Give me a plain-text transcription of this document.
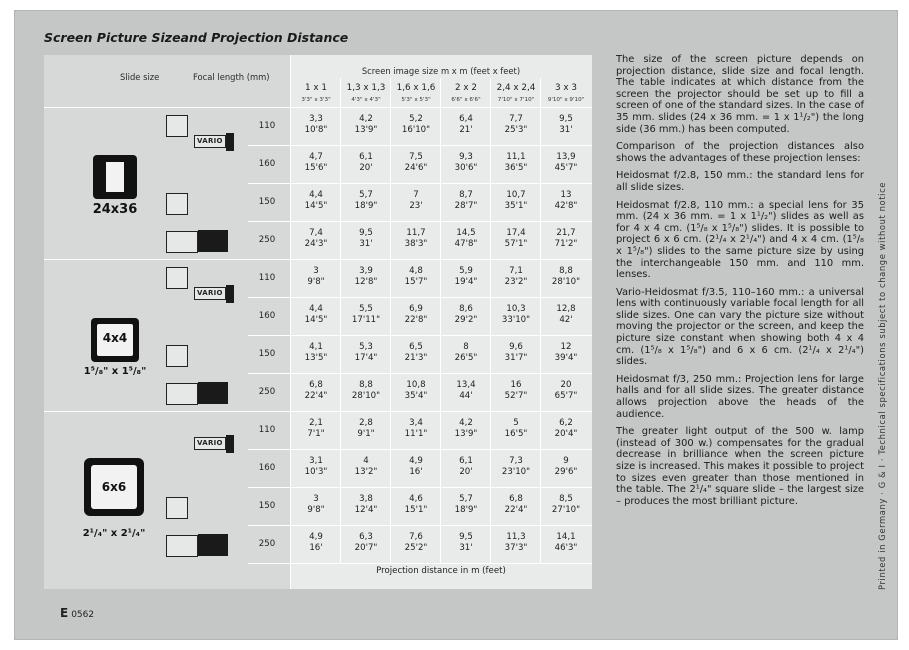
Screen Picture Sizeand Projection Distance
Slide size	Focal length (mm)
Screen image size m x m (feet x feet)
1 x 1
3'3" x 3'3"
1,3 x 1,3
4'3" x 4'3"
1,6 x 1,6
5'3" x 5'3"
2 x 2
6'6" x 6'6"
2,4 x 2,4
7'10" x 7'10"
3 x 3
9'10" x 9'10"
110
160
150
250
110
160
150
250
110
160
150
250
3,3
10'8"
4,2
13'9"
5,2
16'10"
6,4
21'
7,7
25'3"
9,5
31'
4,7
15'6"
6,1
20'
7,5
24'6"
9,3
30'6"
11,1
36'5"
13,9
45'7"
4,4
14'5"
5,7
18'9"
7
23'
8,7
28'7"
10,7
35'1"
13
42'8"
7,4
24'3"
9,5
31'
11,7
38'3"
14,5
47'8"
17,4
57'1"
21,7
71'2"
3
9'8"
3,9
12'8"
4,8
15'7"
5,9
19'4"
7,1
23'2"
8,8
28'10"
4,4
14'5"
5,5
17'11"
6,9
22'8"
8,6
29'2"
10,3
33'10"
12,8
42'
4,1
13'5"
5,3
17'4"
6,5
21'3"
8
26'5"
9,6
31'7"
12
39'4"
6,8
22'4"
8,8
28'10"
10,8
35'4"
13,4
44'
16
52'7"
20
65'7"
2,1
7'1"
2,8
9'1"
3,4
11'1"
4,2
13'9"
5
16'5"
6,2
20'4"
3,1
10'3"
4
13'2"
4,9
16'
6,1
20'
7,3
23'10"
9
29'6"
3
9'8"
3,8
12'4"
4,6
15'1"
5,7
18'9"
6,8
22'4"
8,5
27'10"
4,9
16'
6,3
20'7"
7,6
25'2"
9,5
31'
11,3
37'3"
14,1
46'3"
Projection distance in m (feet)
24x36
4x4
1⁵/₈" x 1⁵/₈"
6x6
2¹/₄" x 2¹/₄"
VARIO
VARIO
VARIO

The size of the screen picture depends on projection distance, slide size and focal length. The table indicates at which distance from the screen the projector should be set up to fill a screen of one of the standard sizes. In the case of 35 mm. slides (24 x 36 mm. = 1 x 1¹/₂") the long side (36 mm.) has been computed.

Comparison of the projection distances also shows the advantages of these projection lenses:

Heidosmat f/2.8, 150 mm.: the standard lens for all slide sizes.

Heidosmat f/2.8, 110 mm.: a special lens for 35 mm. (24 x 36 mm. = 1 x 1¹/₂") slides as well as for 4 x 4 cm. (1⁵/₈ x 1⁵/₈") slides. It is possible to project 6 x 6 cm. (2¹/₄ x 2¹/₄") and 4 x 4 cm. (1⁵/₈ x 1⁵/₈") slides to the same picture size by using the interchangeable 150 mm. and 110 mm. lenses.

Vario-Heidosmat f/3.5, 110–160 mm.: a universal lens with continuously variable focal length for all slide sizes. One can vary the picture size without moving the projector or the screen, and keep the picture size constant when showing both 4 x 4 cm. (1⁵/₈ x 1⁵/₈") and 6 x 6 cm. (2¹/₄ x 2¹/₄") slides.

Heidosmat f/3, 250 mm.: Projection lens for large halls and for all slide sizes. The greater distance allows projection above the heads of the audience.

The greater light output of the 500 w. lamp (instead of 300 w.) compensates for the gradual decrease in brilliance when the screen picture size is increased. This makes it possible to project to sizes even greater than those mentioned in the table. The 2¹/₄" square slide – the largest size – produces the most brilliant picture.	Printed in Germany · G & I · Technical specifications subject to change without notice
E 0562
